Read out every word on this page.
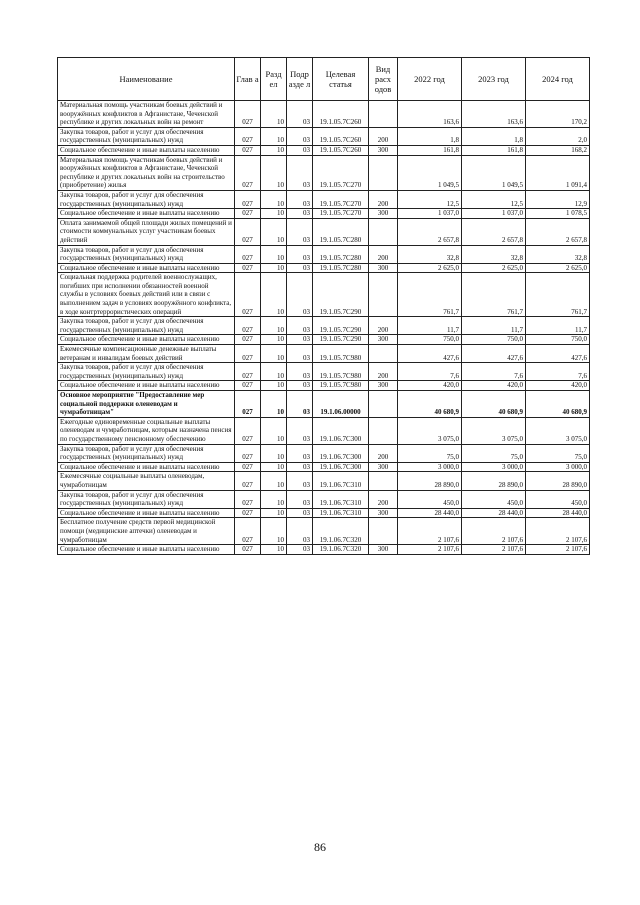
Наименование	Глав а	Разд ел	Подр азде л	Целевая статья	Вид расх одов	2022 год	2023 год	2024 год
Материальная помощь участникам боевых действий и вооружённых конфликтов в Афганистане, Чеченской республике и других локальных войн на ремонт	027	10	03	19.1.05.7С260		163,6	163,6	170,2
Закупка товаров, работ и услуг для обеспечения государственных (муниципальных) нужд	027	10	03	19.1.05.7С260	200	1,8	1,8	2,0
Социальное обеспечение и иные выплаты населению	027	10	03	19.1.05.7С260	300	161,8	161,8	168,2
Материальная помощь участникам боевых действий и вооружённых конфликтов в Афганистане, Чеченской республике и других локальных войн на строительство (приобретение) жилья	027	10	03	19.1.05.7С270		1 049,5	1 049,5	1 091,4
Закупка товаров, работ и услуг для обеспечения государственных (муниципальных) нужд	027	10	03	19.1.05.7С270	200	12,5	12,5	12,9
Социальное обеспечение и иные выплаты населению	027	10	03	19.1.05.7С270	300	1 037,0	1 037,0	1 078,5
Оплата занимаемой общей площади жилых помещений и стоимости коммунальных услуг участникам боевых действий	027	10	03	19.1.05.7С280		2 657,8	2 657,8	2 657,8
Закупка товаров, работ и услуг для обеспечения государственных (муниципальных) нужд	027	10	03	19.1.05.7С280	200	32,8	32,8	32,8
Социальное обеспечение и иные выплаты населению	027	10	03	19.1.05.7С280	300	2 625,0	2 625,0	2 625,0
Социальная поддержка родителей военнослужащих, погибших при исполнении обязанностей военной службы в условиях боевых действий или в связи с выполнением задач в условиях вооружённого конфликта, в ходе контртеррористических операций	027	10	03	19.1.05.7С290		761,7	761,7	761,7
Закупка товаров, работ и услуг для обеспечения государственных (муниципальных) нужд	027	10	03	19.1.05.7С290	200	11,7	11,7	11,7
Социальное обеспечение и иные выплаты населению	027	10	03	19.1.05.7С290	300	750,0	750,0	750,0
Ежемесячные компенсационные денежные выплаты ветеранам и инвалидам боевых действий	027	10	03	19.1.05.7С980		427,6	427,6	427,6
Закупка товаров, работ и услуг для обеспечения государственных (муниципальных) нужд	027	10	03	19.1.05.7С980	200	7,6	7,6	7,6
Социальное обеспечение и иные выплаты населению	027	10	03	19.1.05.7С980	300	420,0	420,0	420,0
Основное мероприятие "Предоставление мер социальной поддержки оленеводам и чумработницам"	027	10	03	19.1.06.00000		40 680,9	40 680,9	40 680,9
Ежегодные единовременные социальные выплаты оленеводам и чумработницам, которым назначена пенсия по государственному пенсионному обеспечению	027	10	03	19.1.06.7С300		3 075,0	3 075,0	3 075,0
Закупка товаров, работ и услуг для обеспечения государственных (муниципальных) нужд	027	10	03	19.1.06.7С300	200	75,0	75,0	75,0
Социальное обеспечение и иные выплаты населению	027	10	03	19.1.06.7С300	300	3 000,0	3 000,0	3 000,0
Ежемесячные социальные выплаты оленеводам, чумработницам	027	10	03	19.1.06.7С310		28 890,0	28 890,0	28 890,0
Закупка товаров, работ и услуг для обеспечения государственных (муниципальных) нужд	027	10	03	19.1.06.7С310	200	450,0	450,0	450,0
Социальное обеспечение и иные выплаты населению	027	10	03	19.1.06.7С310	300	28 440,0	28 440,0	28 440,0
Бесплатное получение средств первой медицинской помощи (медицинские аптечки) оленеводам и чумработницам	027	10	03	19.1.06.7С320		2 107,6	2 107,6	2 107,6
Социальное обеспечение и иные выплаты населению	027	10	03	19.1.06.7С320	300	2 107,6	2 107,6	2 107,6
86
